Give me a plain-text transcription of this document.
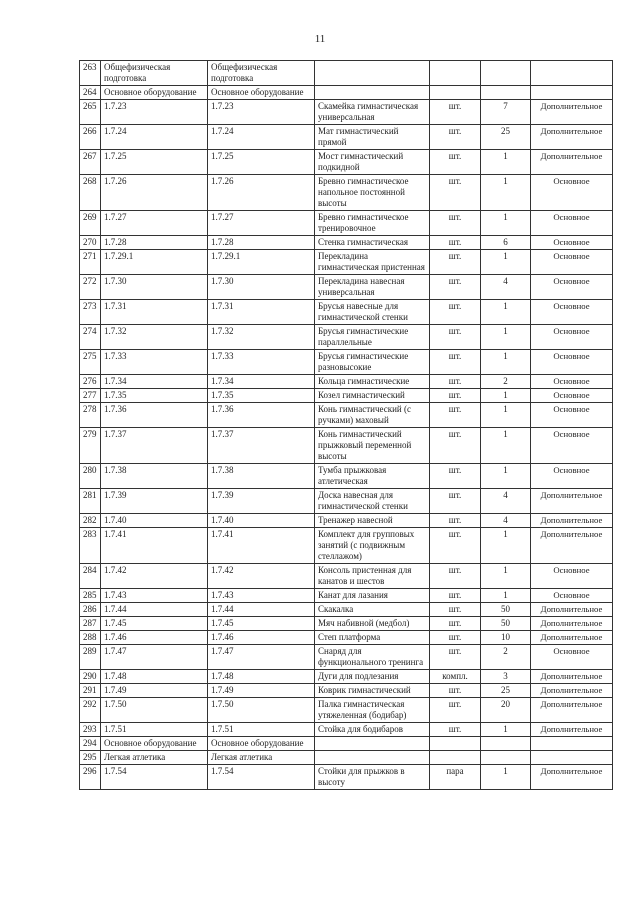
11
263	Общефизическая подготовка	Общефизическая подготовка				
264	Основное оборудование	Основное оборудование				
265	1.7.23	1.7.23	Скамейка гимнастическая универсальная	шт.	7	Дополнительное
266	1.7.24	1.7.24	Мат гимнастический прямой	шт.	25	Дополнительное
267	1.7.25	1.7.25	Мост гимнастический подкидной	шт.	1	Дополнительное
268	1.7.26	1.7.26	Бревно гимнастическое напольное постоянной высоты	шт.	1	Основное
269	1.7.27	1.7.27	Бревно гимнастическое тренировочное	шт.	1	Основное
270	1.7.28	1.7.28	Стенка гимнастическая	шт.	6	Основное
271	1.7.29.1	1.7.29.1	Перекладина гимнастическая пристенная	шт.	1	Основное
272	1.7.30	1.7.30	Перекладина навесная универсальная	шт.	4	Основное
273	1.7.31	1.7.31	Брусья навесные для гимнастической стенки	шт.	1	Основное
274	1.7.32	1.7.32	Брусья гимнастические параллельные	шт.	1	Основное
275	1.7.33	1.7.33	Брусья гимнастические разновысокие	шт.	1	Основное
276	1.7.34	1.7.34	Кольца гимнастические	шт.	2	Основное
277	1.7.35	1.7.35	Козел гимнастический	шт.	1	Основное
278	1.7.36	1.7.36	Конь гимнастический (с ручками) маховый	шт.	1	Основное
279	1.7.37	1.7.37	Конь гимнастический прыжковый переменной высоты	шт.	1	Основное
280	1.7.38	1.7.38	Тумба прыжковая атлетическая	шт.	1	Основное
281	1.7.39	1.7.39	Доска навесная для гимнастической стенки	шт.	4	Дополнительное
282	1.7.40	1.7.40	Тренажер навесной	шт.	4	Дополнительное
283	1.7.41	1.7.41	Комплект для групповых занятий (с подвижным стеллажом)	шт.	1	Дополнительное
284	1.7.42	1.7.42	Консоль пристенная для канатов и шестов	шт.	1	Основное
285	1.7.43	1.7.43	Канат для лазания	шт.	1	Основное
286	1.7.44	1.7.44	Скакалка	шт.	50	Дополнительное
287	1.7.45	1.7.45	Мяч набивной (медбол)	шт.	50	Дополнительное
288	1.7.46	1.7.46	Степ платформа	шт.	10	Дополнительное
289	1.7.47	1.7.47	Снаряд для функционального тренинга	шт.	2	Основное
290	1.7.48	1.7.48	Дуги для подлезания	компл.	3	Дополнительное
291	1.7.49	1.7.49	Коврик гимнастический	шт.	25	Дополнительное
292	1.7.50	1.7.50	Палка гимнастическая утяжеленная (бодибар)	шт.	20	Дополнительное
293	1.7.51	1.7.51	Стойка для бодибаров	шт.	1	Дополнительное
294	Основное оборудование	Основное оборудование				
295	Легкая атлетика	Легкая атлетика				
296	1.7.54	1.7.54	Стойки для прыжков в высоту	пара	1	Дополнительное
